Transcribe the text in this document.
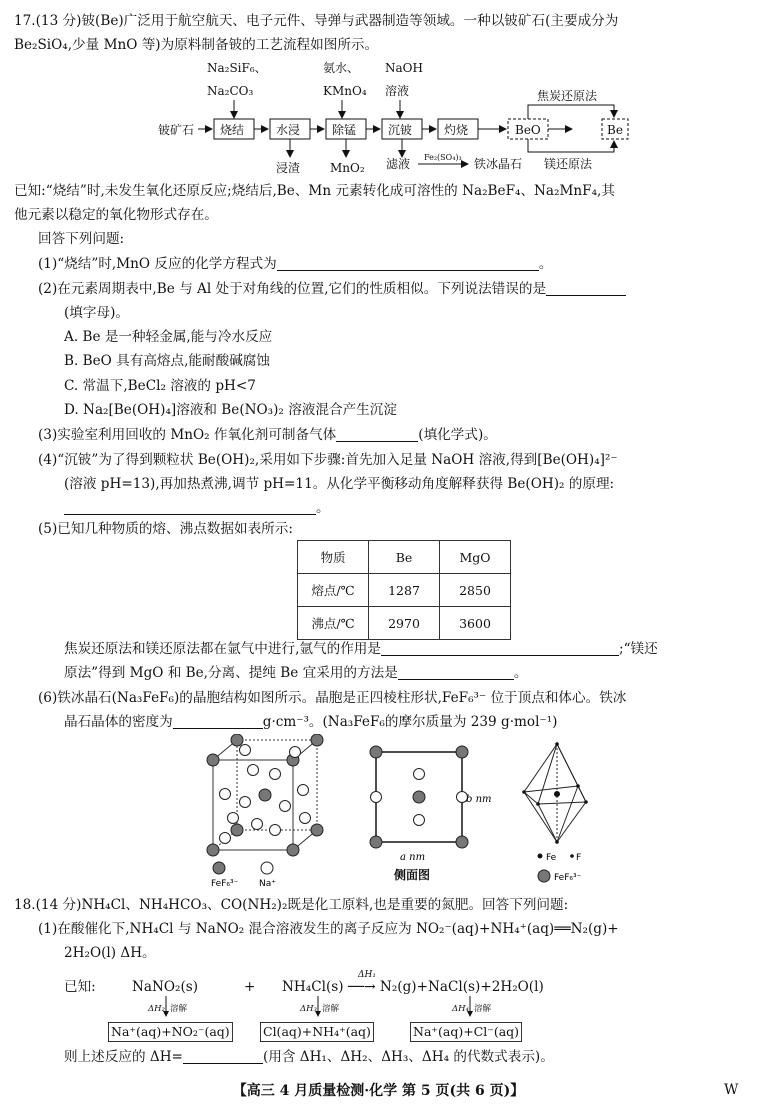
17.(13 分)铍(Be)广泛用于航空航天、电子元件、导弹与武器制造等领域。一种以铍矿石(主要成分为
Be₂SiO₄,少量 MnO 等)为原料制备铍的工艺流程如图所示。
Na₂SiF₆、
Na₂CO₃
氨水、
KMnO₄
NaOH
溶液
铍矿石 烧结	水浸	除锰	沉铍	灼烧	BeO	Be
焦炭还原法
浸渣 MnO₂ 滤液 Fe₂(SO₄)₃ 铁冰晶石 镁还原法
已知:“烧结”时,未发生氧化还原反应;烧结后,Be、Mn 元素转化成可溶性的 Na₂BeF₄、Na₂MnF₄,其
他元素以稳定的氧化物形式存在。
回答下列问题:
(1)“烧结”时,MnO 反应的化学方程式为	。
(2)在元素周期表中,Be 与 Al 处于对角线的位置,它们的性质相似。下列说法错误的是
(填字母)。
A. Be 是一种轻金属,能与冷水反应
B. BeO 具有高熔点,能耐酸碱腐蚀
C. 常温下,BeCl₂ 溶液的 pH<7
D. Na₂[Be(OH)₄]溶液和 Be(NO₃)₂ 溶液混合产生沉淀
(3)实验室利用回收的 MnO₂ 作氧化剂可制备气体	(填化学式)。
(4)“沉铍”为了得到颗粒状 Be(OH)₂,采用如下步骤:首先加入足量 NaOH 溶液,得到[Be(OH)₄]²⁻
(溶液 pH=13),再加热煮沸,调节 pH=11。从化学平衡移动角度解释获得 Be(OH)₂ 的原理:
。
(5)已知几种物质的熔、沸点数据如表所示:
物质	Be	MgO
熔点/℃	1287	2850
沸点/℃	2970	3600
焦炭还原法和镁还原法都在氩气中进行,氩气的作用是	;“镁还
原法”得到 MgO 和 Be,分离、提纯 Be 宜采用的方法是	。
(6)铁冰晶石(Na₃FeF₆)的晶胞结构如图所示。晶胞是正四棱柱形状,FeF₆³⁻ 位于顶点和体心。铁冰
晶石晶体的密度为	g·cm⁻³。(Na₃FeF₆的摩尔质量为 239 g·mol⁻¹)
FeF₆³⁻ Na⁺
b nm
a nm
侧面图
Fe F
FeF₆³⁻
18.(14 分)NH₄Cl、NH₄HCO₃、CO(NH₂)₂既是化工原料,也是重要的氮肥。回答下列问题:
(1)在酸催化下,NH₄Cl 与 NaNO₂ 混合溶液发生的离子反应为 NO₂⁻(aq)+NH₄⁺(aq)══N₂(g)+
2H₂O(l) ΔH。
已知:	NaNO₂(s)	+ NH₄Cl(s) ──→ N₂(g)+NaCl(s)+2H₂O(l)
ΔH₁
ΔH₂ 溶解	ΔH₃ 溶解	ΔH₄ 溶解
Na⁺(aq)+NO₂⁻(aq)	Cl(aq)+NH₄⁺(aq)	Na⁺(aq)+Cl⁻(aq)
则上述反应的 ΔH=	(用含 ΔH₁、ΔH₂、ΔH₃、ΔH₄ 的代数式表示)。
【高三 4 月质量检测·化学 第 5 页(共 6 页)】	W
